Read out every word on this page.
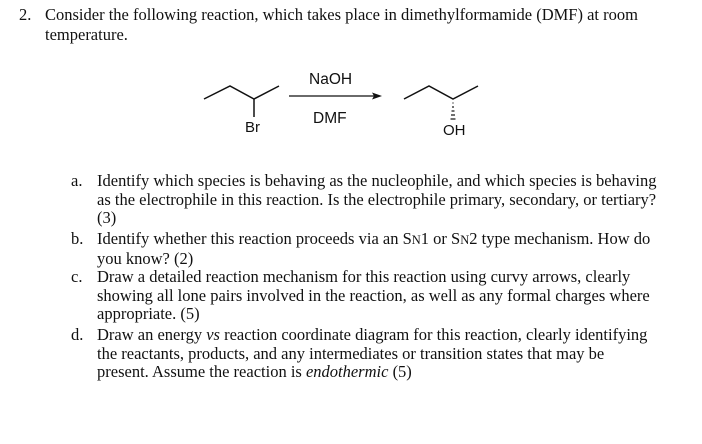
2. Consider the following reaction, which takes place in dimethylformamide (DMF) at room temperature.
Br
NaOH
DMF
OH
a. Identify which species is behaving as the nucleophile, and which species is behaving as the electrophile in this reaction. Is the electrophile primary, secondary, or tertiary? (3)
b. Identify whether this reaction proceeds via an SN1 or SN2 type mechanism. How do you know? (2)
c. Draw a detailed reaction mechanism for this reaction using curvy arrows, clearly showing all lone pairs involved in the reaction, as well as any formal charges where appropriate. (5)
d. Draw an energy vs reaction coordinate diagram for this reaction, clearly identifying the reactants, products, and any intermediates or transition states that may be present. Assume the reaction is endothermic (5)
